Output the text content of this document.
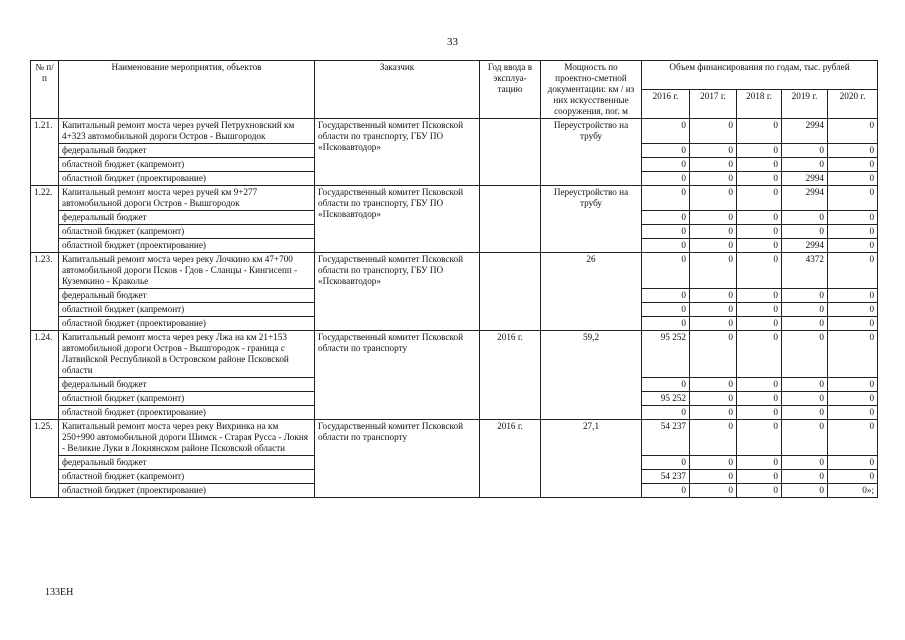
33
№ п/п	Наименование мероприятия, объектов	Заказчик	Год ввода в эксплуа-тацию	Мощность по проектно-сметной документации: км / из них искусственные сооружения, пог. м	Объем финансирования по годам, тыс. рублей				
					2016 г.	2017 г.	2018 г.	2019 г.	2020 г.
1.21.	Капитальный ремонт моста через ручей Петрухновский км 4+323 автомобильной дороги Остров - Вышгородок	Государственный комитет Псковской области по транспорту, ГБУ ПО «Псковавтодор»		Переустройство на трубу	0	0	0	2994	0
	федеральный бюджет				0	0	0	0	0
	областной бюджет (капремонт)				0	0	0	0	0
	областной бюджет (проектирование)				0	0	0	2994	0
1.22.	Капитальный ремонт моста через ручей км 9+277 автомобильной дороги Остров - Вышгородок	Государственный комитет Псковской области по транспорту, ГБУ ПО «Псковавтодор»		Переустройство на трубу	0	0	0	2994	0
	федеральный бюджет				0	0	0	0	0
	областной бюджет (капремонт)				0	0	0	0	0
	областной бюджет (проектирование)				0	0	0	2994	0
1.23.	Капитальный ремонт моста через реку Лочкино км 47+700 автомобильной дороги Псков - Гдов - Сланцы - Кингисепп - Куземкино - Краколье	Государственный комитет Псковской области по транспорту, ГБУ ПО «Псковавтодор»		26	0	0	0	4372	0
	федеральный бюджет				0	0	0	0	0
	областной бюджет (капремонт)				0	0	0	0	0
	областной бюджет (проектирование)				0	0	0	0	0
1.24.	Капитальный ремонт моста через реку Лжа на км 21+153 автомобильной дороги Остров - Вышгородок - граница с Латвийской Республикой в Островском районе Псковской области	Государственный комитет Псковской области по транспорту	2016 г.	59,2	95 252	0	0	0	0
	федеральный бюджет				0	0	0	0	0
	областной бюджет (капремонт)				95 252	0	0	0	0
	областной бюджет (проектирование)				0	0	0	0	0
1.25.	Капитальный ремонт моста через реку Вихринка на км 250+990 автомобильной дороги Шимск - Старая Русса - Локня - Великие Луки в Локнянском районе Псковской области	Государственный комитет Псковской области по транспорту	2016 г.	27,1	54 237	0	0	0	0
	федеральный бюджет				0	0	0	0	0
	областной бюджет (капремонт)				54 237	0	0	0	0
	областной бюджет (проектирование)				0	0	0	0	0»;
133ЕН
